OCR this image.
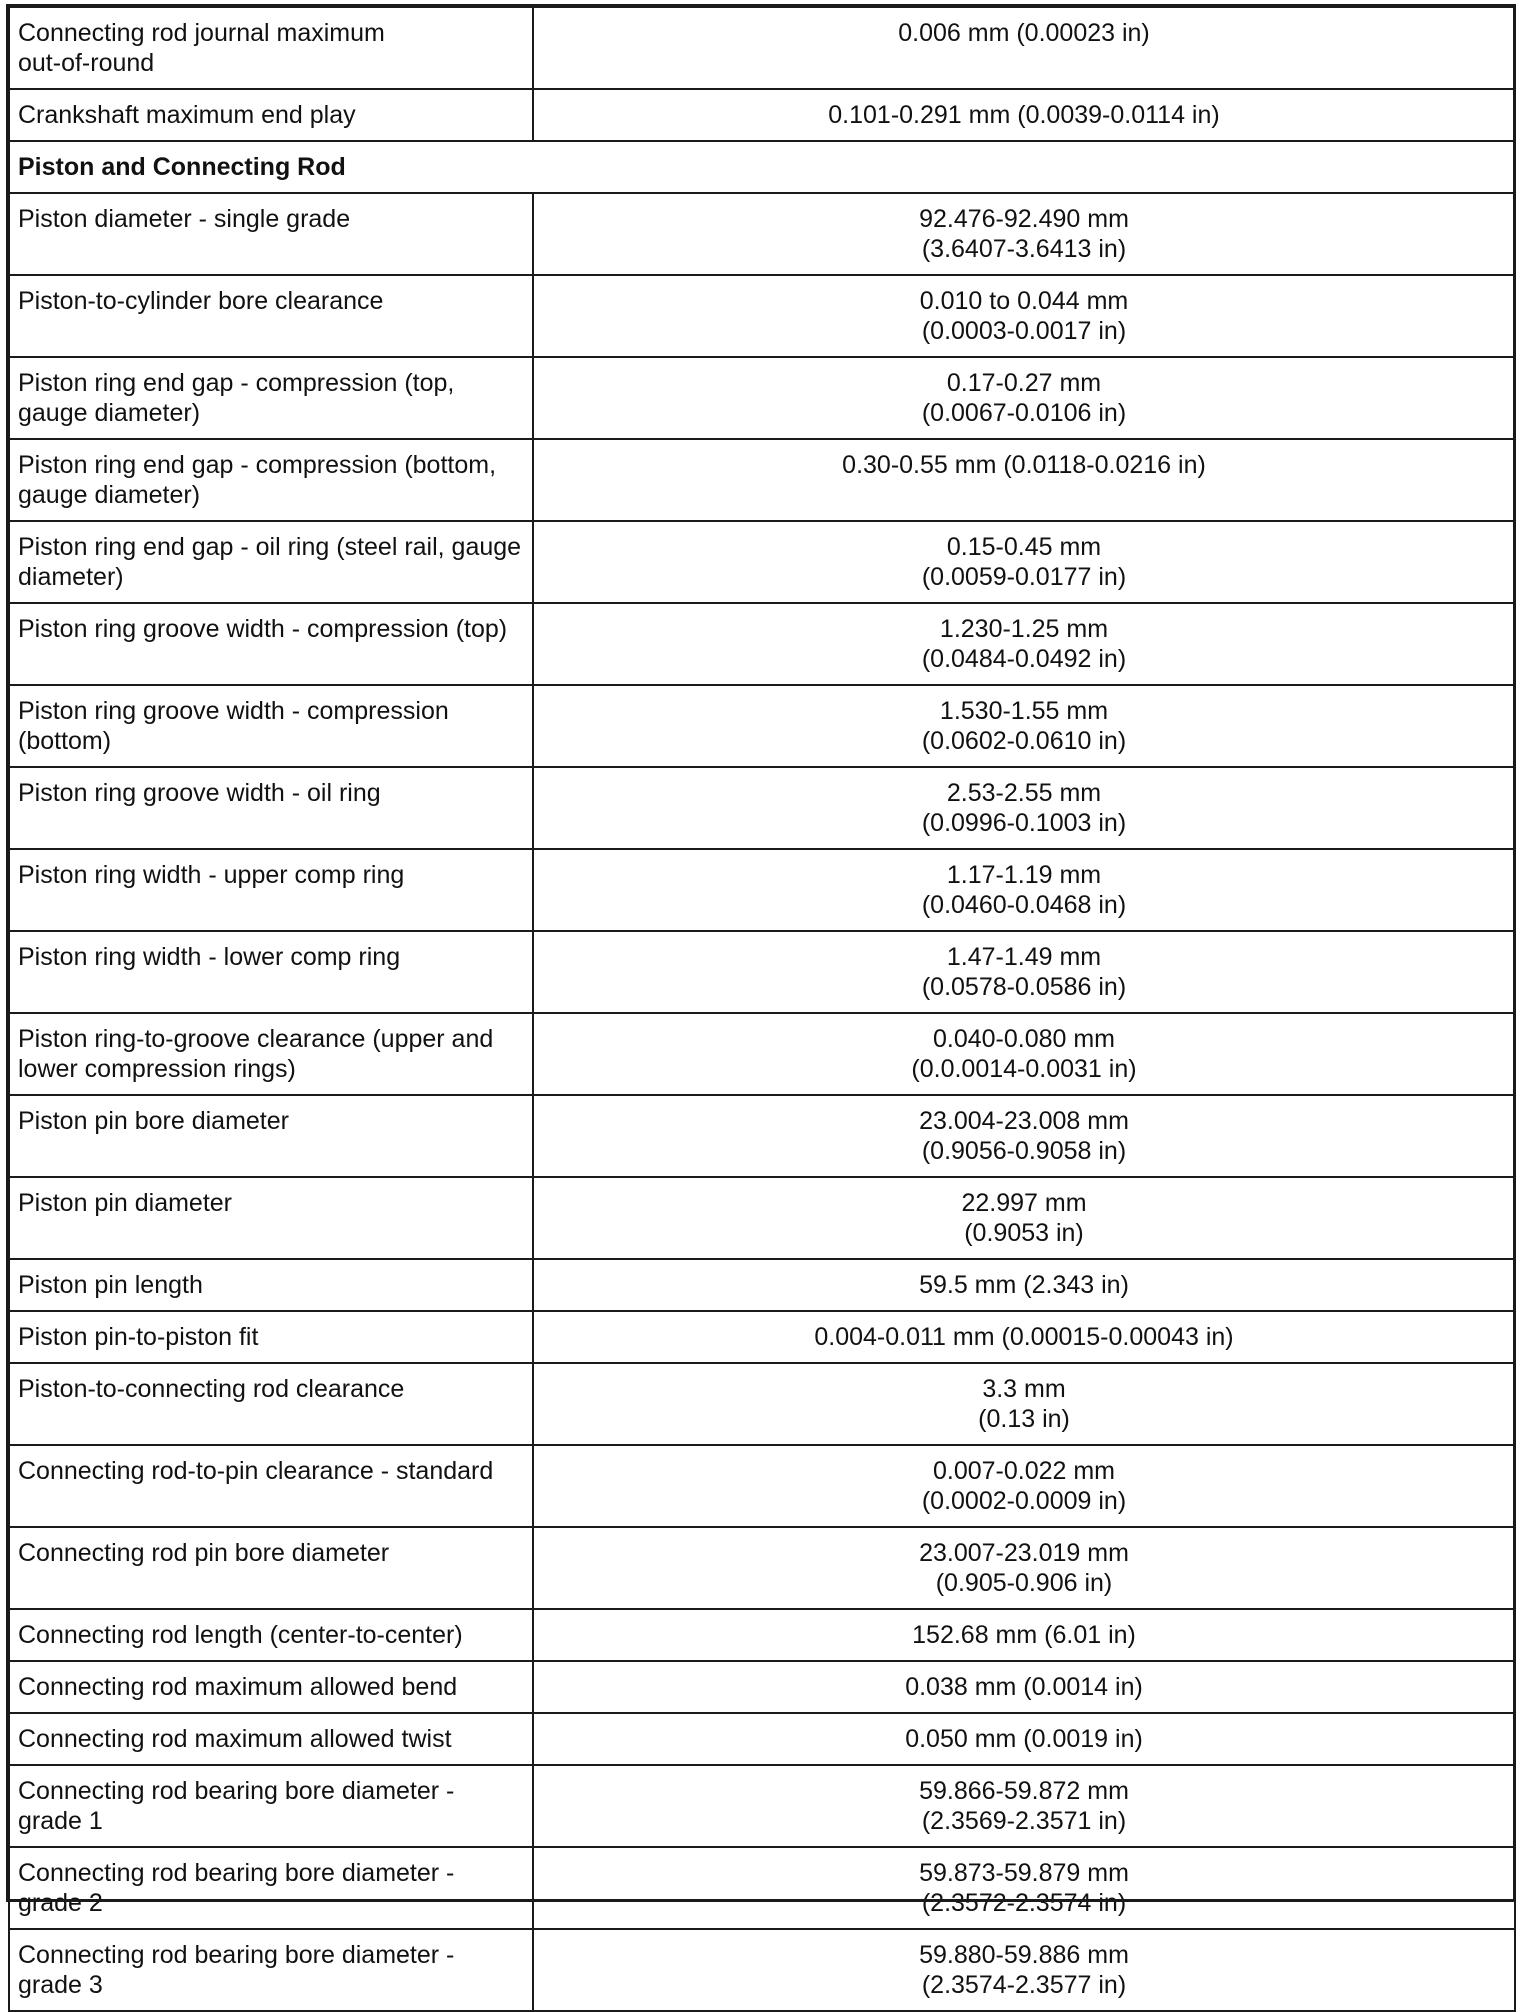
Connecting rod journal maximum
out-of-round	0.006 mm (0.00023 in)
Crankshaft maximum end play	0.101-0.291 mm (0.0039-0.0114 in)
Piston and Connecting Rod	
Piston diameter - single grade	92.476-92.490 mm
(3.6407-3.6413 in)
Piston-to-cylinder bore clearance	0.010 to 0.044 mm
(0.0003-0.0017 in)
Piston ring end gap - compression (top, gauge diameter)	0.17-0.27 mm
(0.0067-0.0106 in)
Piston ring end gap - compression (bottom, gauge diameter)	0.30-0.55 mm (0.0118-0.0216 in)
Piston ring end gap - oil ring (steel rail, gauge diameter)	0.15-0.45 mm
(0.0059-0.0177 in)
Piston ring groove width - compression (top)	1.230-1.25 mm
(0.0484-0.0492 in)
Piston ring groove width - compression (bottom)	1.530-1.55 mm
(0.0602-0.0610 in)
Piston ring groove width - oil ring	2.53-2.55 mm
(0.0996-0.1003 in)
Piston ring width - upper comp ring	1.17-1.19 mm
(0.0460-0.0468 in)
Piston ring width - lower comp ring	1.47-1.49 mm
(0.0578-0.0586 in)
Piston ring-to-groove clearance (upper and lower compression rings)	0.040-0.080 mm
(0.0.0014-0.0031 in)
Piston pin bore diameter	23.004-23.008 mm
(0.9056-0.9058 in)
Piston pin diameter	22.997 mm
(0.9053 in)
Piston pin length	59.5 mm (2.343 in)
Piston pin-to-piston fit	0.004-0.011 mm (0.00015-0.00043 in)
Piston-to-connecting rod clearance	3.3 mm
(0.13 in)
Connecting rod-to-pin clearance - standard	0.007-0.022 mm
(0.0002-0.0009 in)
Connecting rod pin bore diameter	23.007-23.019 mm
(0.905-0.906 in)
Connecting rod length (center-to-center)	152.68 mm (6.01 in)
Connecting rod maximum allowed bend	0.038 mm (0.0014 in)
Connecting rod maximum allowed twist	0.050 mm (0.0019 in)
Connecting rod bearing bore diameter - grade 1	59.866-59.872 mm
(2.3569-2.3571 in)
Connecting rod bearing bore diameter - grade 2	59.873-59.879 mm
(2.3572-2.3574 in)
Connecting rod bearing bore diameter - grade 3	59.880-59.886 mm
(2.3574-2.3577 in)
